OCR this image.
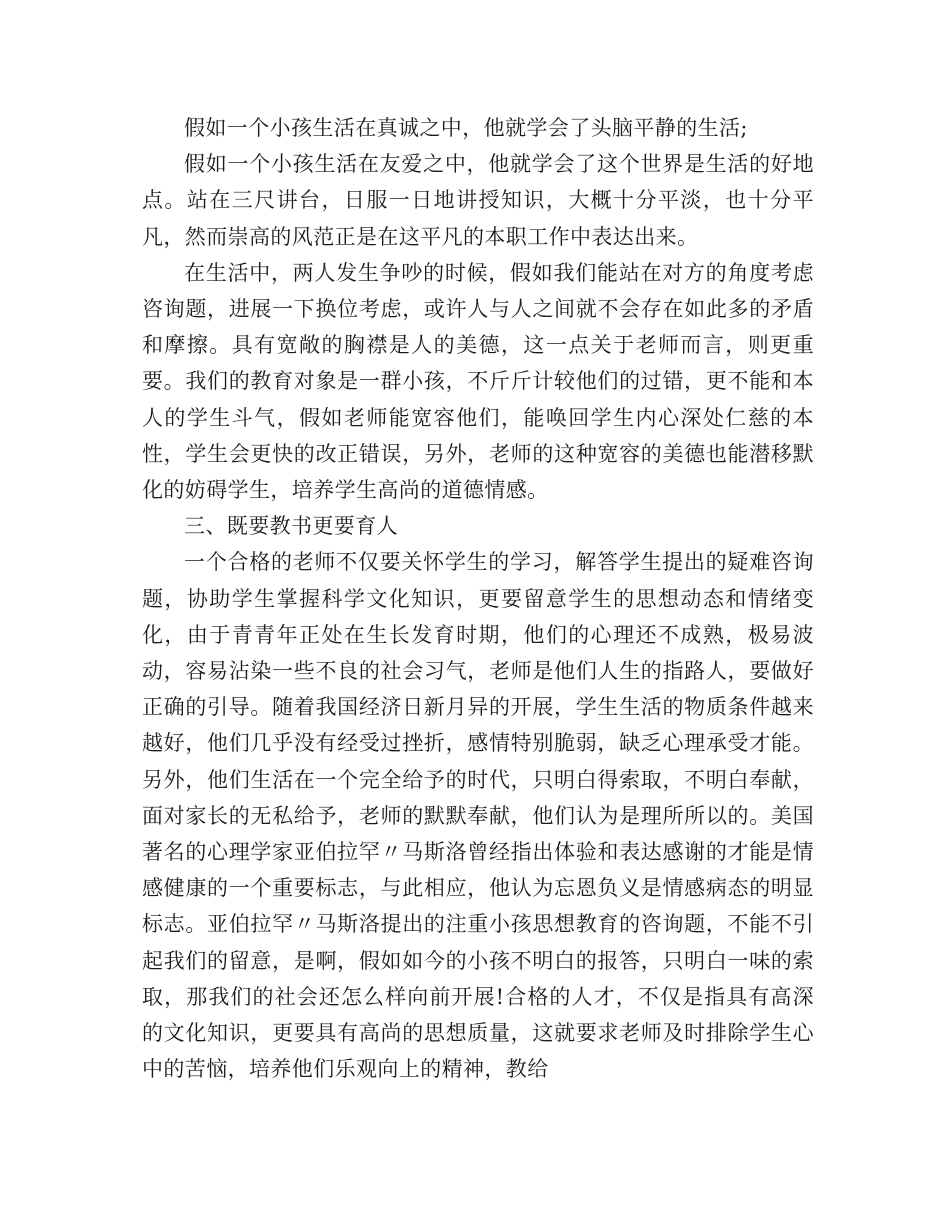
假如一个小孩生活在真诚之中，他就学会了头脑平静的生活;

假如一个小孩生活在友爱之中，他就学会了这个世界是生活的好地点。站在三尺讲台，日服一日地讲授知识，大概十分平淡，也十分平凡，然而崇高的风范正是在这平凡的本职工作中表达出来。

在生活中，两人发生争吵的时候，假如我们能站在对方的角度考虑咨询题，进展一下换位考虑，或许人与人之间就不会存在如此多的矛盾和摩擦。具有宽敞的胸襟是人的美德，这一点关于老师而言，则更重要。我们的教育对象是一群小孩，不斤斤计较他们的过错，更不能和本人的学生斗气，假如老师能宽容他们，能唤回学生内心深处仁慈的本性，学生会更快的改正错误，另外，老师的这种宽容的美德也能潜移默化的妨碍学生，培养学生高尚的道德情感。

三、既要教书更要育人

一个合格的老师不仅要关怀学生的学习，解答学生提出的疑难咨询题，协助学生掌握科学文化知识，更要留意学生的思想动态和情绪变化，由于青青年正处在生长发育时期，他们的心理还不成熟，极易波动，容易沾染一些不良的社会习气，老师是他们人生的指路人，要做好正确的引导。随着我国经济日新月异的开展，学生生活的物质条件越来越好，他们几乎没有经受过挫折，感情特别脆弱，缺乏心理承受才能。另外，他们生活在一个完全给予的时代，只明白得索取，不明白奉献，面对家长的无私给予，老师的默默奉献，他们认为是理所所以的。美国著名的心理学家亚伯拉罕〃马斯洛曾经指出体验和表达感谢的才能是情感健康的一个重要标志，与此相应，他认为忘恩负义是情感病态的明显标志。亚伯拉罕〃马斯洛提出的注重小孩思想教育的咨询题，不能不引起我们的留意，是啊，假如如今的小孩不明白的报答，只明白一味的索取，那我们的社会还怎么样向前开展!合格的人才，不仅是指具有高深的文化知识，更要具有高尚的思想质量，这就要求老师及时排除学生心中的苦恼，培养他们乐观向上的精神，教给
